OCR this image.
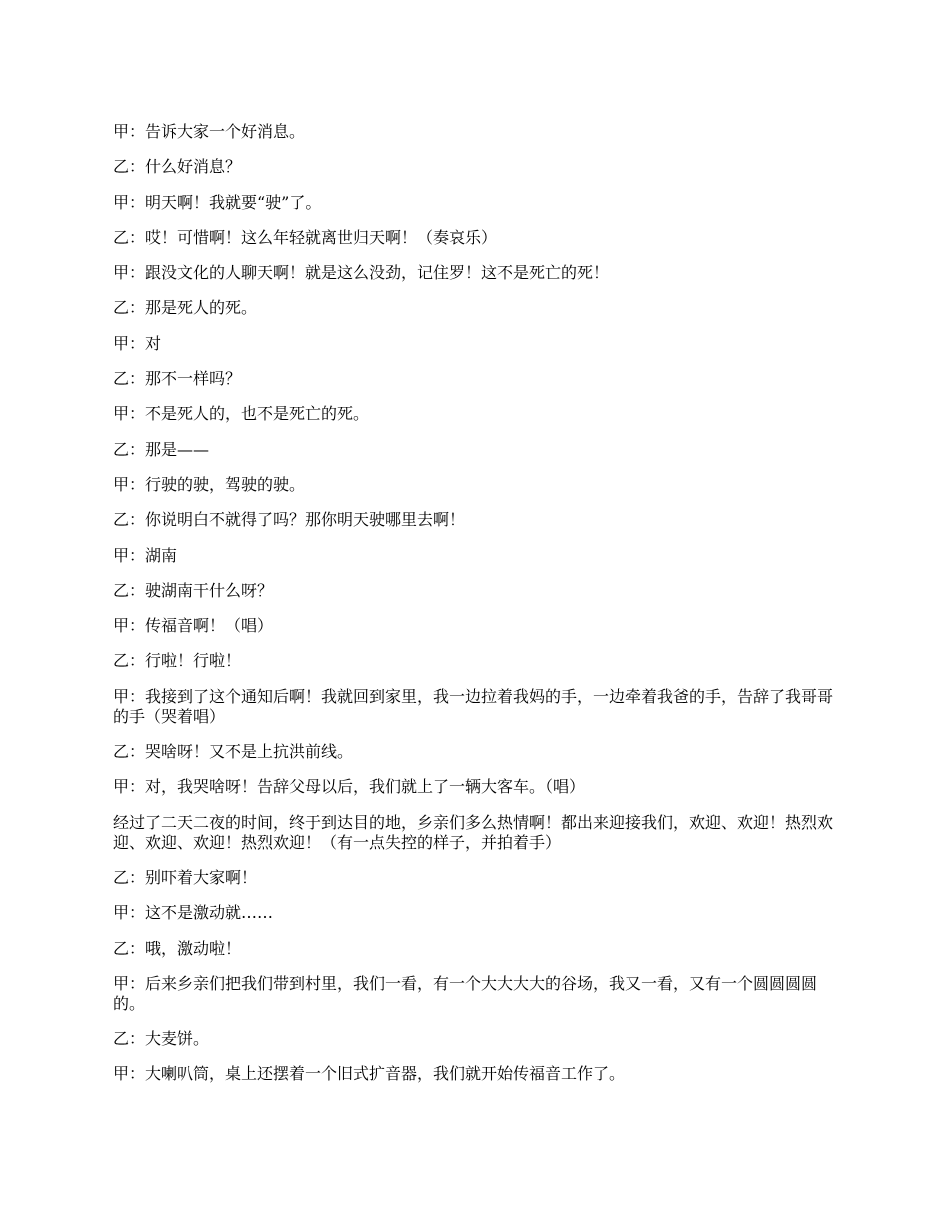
甲：告诉大家一个好消息。

乙：什么好消息？

甲：明天啊！我就要“驶”了。

乙：哎！可惜啊！这么年轻就离世归天啊！（奏哀乐）

甲：跟没文化的人聊天啊！就是这么没劲，记住罗！这不是死亡的死！

乙：那是死人的死。

甲：对

乙：那不一样吗？

甲：不是死人的，也不是死亡的死。

乙：那是——

甲：行驶的驶，驾驶的驶。

乙：你说明白不就得了吗？那你明天驶哪里去啊！

甲：湖南

乙：驶湖南干什么呀？

甲：传福音啊！（唱）

乙：行啦！行啦！

甲：我接到了这个通知后啊！我就回到家里，我一边拉着我妈的手，一边牵着我爸的手，告辞了我哥哥的手（哭着唱）

乙：哭啥呀！又不是上抗洪前线。

甲：对，我哭啥呀！告辞父母以后，我们就上了一辆大客车。（唱）

经过了二天二夜的时间，终于到达目的地，乡亲们多么热情啊！都出来迎接我们，欢迎、欢迎！热烈欢迎、欢迎、欢迎！热烈欢迎！（有一点失控的样子，并拍着手）

乙：别吓着大家啊！

甲：这不是激动就……

乙：哦，激动啦！

甲：后来乡亲们把我们带到村里，我们一看，有一个大大大大的谷场，我又一看，又有一个圆圆圆圆的。

乙：大麦饼。

甲：大喇叭筒，桌上还摆着一个旧式扩音器，我们就开始传福音工作了。
